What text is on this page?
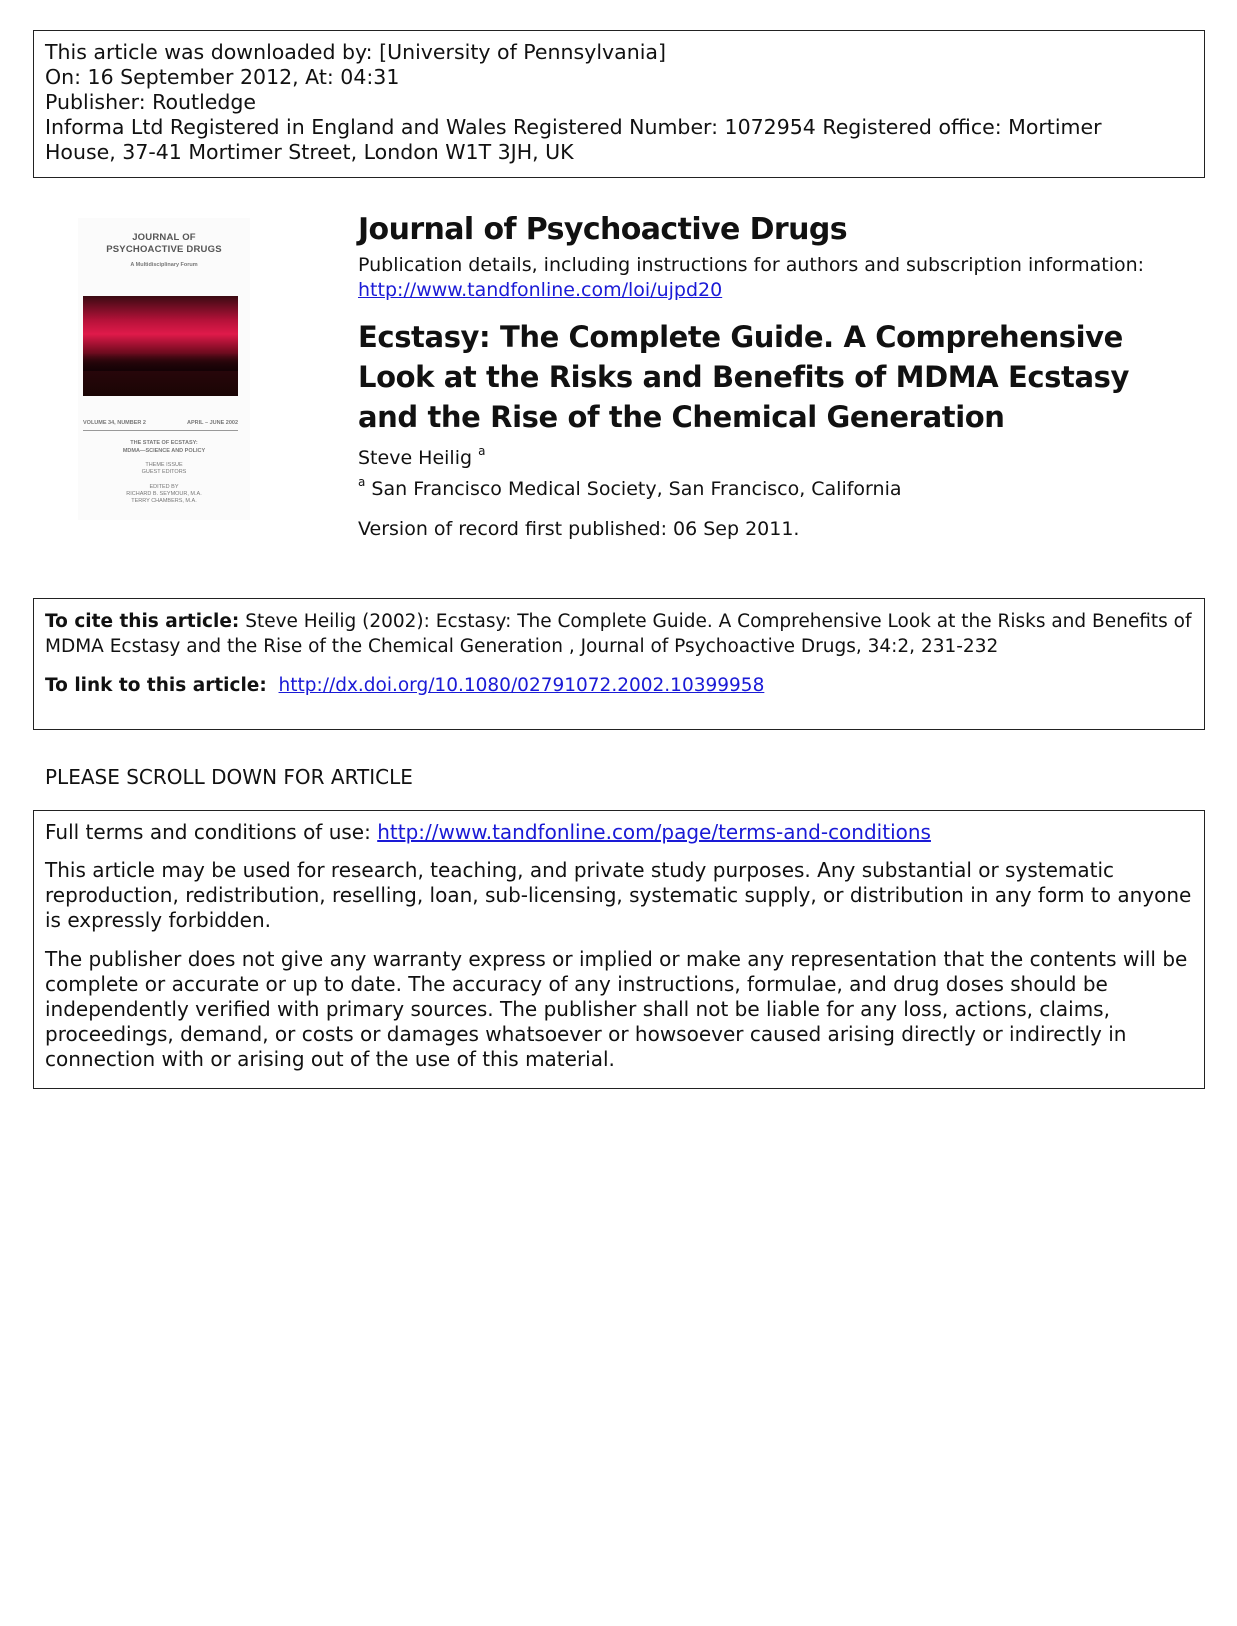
This article was downloaded by: [University of Pennsylvania]
On: 16 September 2012, At: 04:31
Publisher: Routledge
Informa Ltd Registered in England and Wales Registered Number: 1072954 Registered office: Mortimer
House, 37-41 Mortimer Street, London W1T 3JH, UK
JOURNAL OF
PSYCHOACTIVE DRUGS
A Multidisciplinary Forum
VOLUME 34, NUMBER 2	APRIL – JUNE 2002
THE STATE OF ECSTASY:
MDMA—SCIENCE AND POLICY
THEME ISSUE
GUEST EDITORS
EDITED BY
RICHARD B. SEYMOUR, M.A.
TERRY CHAMBERS, M.A.
Journal of Psychoactive Drugs
Publication details, including instructions for authors and subscription information:
http://www.tandfonline.com/loi/ujpd20
Ecstasy: The Complete Guide. A Comprehensive Look at the Risks and Benefits of MDMA Ecstasy and the Rise of the Chemical Generation
Steve Heilig $^a$
$^a$ San Francisco Medical Society, San Francisco, California
Version of record first published: 06 Sep 2011.
To cite this article: Steve Heilig (2002): Ecstasy: The Complete Guide. A Comprehensive Look at the Risks and Benefits of MDMA Ecstasy and the Rise of the Chemical Generation , Journal of Psychoactive Drugs, 34:2, 231-232
To link to this article: http://dx.doi.org/10.1080/02791072.2002.10399958
PLEASE SCROLL DOWN FOR ARTICLE

Full terms and conditions of use: http://www.tandfonline.com/page/terms-and-conditions

This article may be used for research, teaching, and private study purposes. Any substantial or systematic reproduction, redistribution, reselling, loan, sub-licensing, systematic supply, or distribution in any form to anyone is expressly forbidden.

The publisher does not give any warranty express or implied or make any representation that the contents will be complete or accurate or up to date. The accuracy of any instructions, formulae, and drug doses should be independently verified with primary sources. The publisher shall not be liable for any loss, actions, claims, proceedings, demand, or costs or damages whatsoever or howsoever caused arising directly or indirectly in connection with or arising out of the use of this material.
